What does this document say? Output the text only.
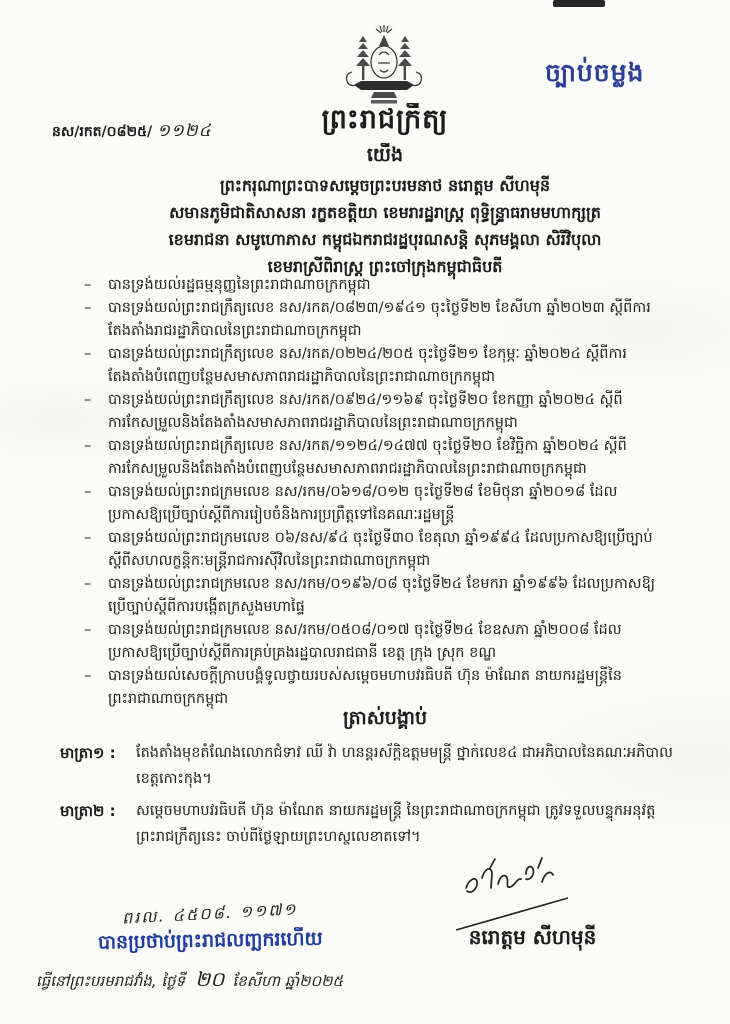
ច្បាប់ចម្លង
នស/រកត/០៨២៥/ ១១២៤	ព្រះរាជក្រឹត្យ
យើង
ព្រះករុណាព្រះបាទសម្តេចព្រះបរមនាថ នរោត្តម សីហមុនី
សមានភូមិជាតិសាសនា រក្ខតខត្តិយា ខេមរារដ្ឋរាស្ត្រ ពុទ្ធិន្ទ្រាធរាមមហាក្សត្រ
ខេមរាជនា សមូហោភាស កម្ពុជឯករាជរដ្ឋបុរណសន្តិ សុភមង្គលា សិរីវិបុលា
ខេមរាស្រីពិរាស្ត្រ ព្រះចៅក្រុងកម្ពុជាធិបតី
–	បានទ្រង់យល់រដ្ឋធម្មនុញ្ញនៃព្រះរាជាណាចក្រកម្ពុជា
–	បានទ្រង់យល់ព្រះរាជក្រឹត្យលេខ នស/រកត/០៨២៣/១៩៤១ ចុះថ្ងៃទី២២ ខែសីហា ឆ្នាំ២០២៣ ស្តីពីការតែងតាំងរាជរដ្ឋាភិបាលនៃព្រះរាជាណាចក្រកម្ពុជា
–	បានទ្រង់យល់ព្រះរាជក្រឹត្យលេខ នស/រកត/០២២៤/២០៥ ចុះថ្ងៃទី២១ ខែកុម្ភៈ ឆ្នាំ២០២៤ ស្តីពីការតែងតាំងបំពេញបន្ថែមសមាសភាពរាជរដ្ឋាភិបាលនៃព្រះរាជាណាចក្រកម្ពុជា
–	បានទ្រង់យល់ព្រះរាជក្រឹត្យលេខ នស/រកត/០៩២៤/១១៦៩ ចុះថ្ងៃទី២០ ខែកញ្ញា ឆ្នាំ២០២៤ ស្តីពីការកែសម្រួលនិងតែងតាំងសមាសភាពរាជរដ្ឋាភិបាលនៃព្រះរាជាណាចក្រកម្ពុជា
–	បានទ្រង់យល់ព្រះរាជក្រឹត្យលេខ នស/រកត/១១២៤/១៤៧៧ ចុះថ្ងៃទី២០ ខែវិច្ឆិកា ឆ្នាំ២០២៤ ស្តីពីការកែសម្រួលនិងតែងតាំងបំពេញបន្ថែមសមាសភាពរាជរដ្ឋាភិបាលនៃព្រះរាជាណាចក្រកម្ពុជា
–	បានទ្រង់យល់ព្រះរាជក្រមលេខ នស/រកម/០៦១៨/០១២ ចុះថ្ងៃទី២៨ ខែមិថុនា ឆ្នាំ២០១៨ ដែលប្រកាសឱ្យប្រើច្បាប់ស្តីពីការរៀបចំនិងការប្រព្រឹត្តទៅនៃគណៈរដ្ឋមន្ត្រី
–	បានទ្រង់យល់ព្រះរាជក្រមលេខ ០៦/នស/៩៤ ចុះថ្ងៃទី៣០ ខែតុលា ឆ្នាំ១៩៩៤ ដែលប្រកាសឱ្យប្រើច្បាប់ស្តីពីសហលក្ខន្តិកៈមន្ត្រីរាជការស៊ីវិលនៃព្រះរាជាណាចក្រកម្ពុជា
–	បានទ្រង់យល់ព្រះរាជក្រមលេខ នស/រកម/០១៩៦/០៨ ចុះថ្ងៃទី២៤ ខែមករា ឆ្នាំ១៩៩៦ ដែលប្រកាសឱ្យប្រើច្បាប់ស្តីពីការបង្កើតក្រសួងមហាផ្ទៃ
–	បានទ្រង់យល់ព្រះរាជក្រមលេខ នស/រកម/០៥០៨/០១៧ ចុះថ្ងៃទី២៤ ខែឧសភា ឆ្នាំ២០០៨ ដែលប្រកាសឱ្យប្រើច្បាប់ស្តីពីការគ្រប់គ្រងរដ្ឋបាលរាជធានី ខេត្ត ក្រុង ស្រុក ខណ្ឌ
–	បានទ្រង់យល់សេចក្តីក្រាបបង្គំទូលថ្វាយរបស់សម្តេចមហាបវរធិបតី ហ៊ុន ម៉ាណែត នាយករដ្ឋមន្ត្រីនៃព្រះរាជាណាចក្រកម្ពុជា
ត្រាស់បង្គាប់
មាត្រា១ :	តែងតាំងមុខតំណែងលោកជំទាវ ឈី វ៉ា ហនន្តរស័ក្តិឧត្តមមន្ត្រី ថ្នាក់លេខ៤ ជាអភិបាលនៃគណៈអភិបាលខេត្តកោះកុង។
មាត្រា២ :	សម្តេចមហាបវរធិបតី ហ៊ុន ម៉ាណែត នាយករដ្ឋមន្ត្រី នៃព្រះរាជាណាចក្រកម្ពុជា ត្រូវទទួលបន្ទុកអនុវត្តព្រះរាជក្រឹត្យនេះ ចាប់ពីថ្ងៃឡាយព្រះហស្ថលេខាតទៅ។
ពរល. ៤៥០៨. ១១៧១
បានប្រថាប់ព្រះរាជលញ្ឆករហើយ	នរោត្តម សីហមុនី
ធ្វើនៅព្រះបរមរាជវាំង, ថ្ងៃទី ២០ ខែសីហា ឆ្នាំ២០២៥
